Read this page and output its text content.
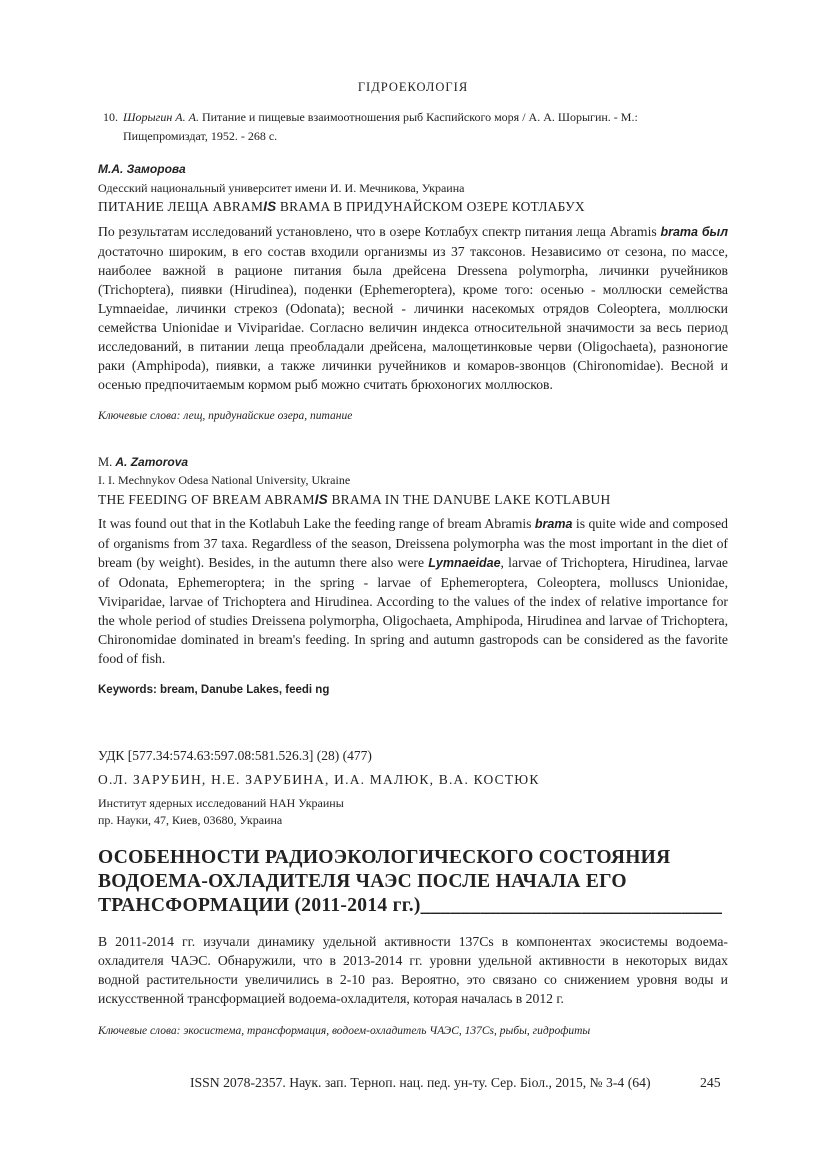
ГІДРОЕКОЛОГІЯ
10. Шорыгин А. А. Питание и пищевые взаимоотношения рыб Каспийского моря / А. А. Шорыгин. - М.:
Пищепромиздат, 1952. - 268 с.
М.А. Заморова
Одесский национальный университет имени И. И. Мечникова, Украина
ПИТАНИЕ ЛЕЩА ABRAMIS BRAMA В ПРИДУНАЙСКОМ ОЗЕРЕ КОТЛАБУХ
По результатам исследований установлено, что в озере Котлабух спектр питания леща Abramis brama был достаточно широким, в его состав входили организмы из 37 таксонов. Независимо от сезона, по массе, наиболее важной в рационе питания была дрейсена Dressena polymorpha, личинки ручейников (Trichoptera), пиявки (Hirudinea), поденки (Ephemeroptera), кроме того: осенью - моллюски семейства Lymnaeidae, личинки стрекоз (Odonata); весной - личинки насекомых отрядов Coleoptera, моллюски семейства Unionidae и Viviparidae. Согласно величин индекса относительной значимости за весь период исследований, в питании леща преобладали дрейсена, малощетинковые черви (Oligochaeta), разноногие раки (Amphipoda), пиявки, а также личинки ручейников и комаров-звонцов (Chironomidae). Весной и осенью предпочитаемым кормом рыб можно считать брюхоногих моллюсков.
Ключевые слова: лещ, придунайские озера, питание
М. A. Zamorova
I. I. Mechnykov Odesa National University, Ukraine
THE FEEDING OF BREAM ABRAMIS BRAMA IN THE DANUBE LAKE KOTLABUH
It was found out that in the Kotlabuh Lake the feeding range of bream Abramis brama is quite wide and composed of organisms from 37 taxa. Regardless of the season, Dreissena polymorpha was the most important in the diet of bream (by weight). Besides, in the autumn there also were Lymnaeidae, larvae of Trichoptera, Hirudinea, larvae of Odonata, Ephemeroptera; in the spring - larvae of Ephemeroptera, Coleoptera, molluscs Unionidae, Viviparidae, larvae of Trichoptera and Hirudinea. According to the values of the index of relative importance for the whole period of studies Dreissena polymorpha, Oligochaeta, Amphipoda, Hirudinea and larvae of Trichoptera, Chironomidae dominated in bream's feeding. In spring and autumn gastropods can be considered as the favorite food of fish.
Keywords: bream, Danube Lakes, feedi ng
УДК [577.34:574.63:597.08:581.526.3] (28) (477)
О.Л. ЗАРУБИН, Н.Е. ЗАРУБИНА, И.А. МАЛЮК, В.А. КОСТЮК
Институт ядерных исследований НАН Украины
пр. Науки, 47, Киев, 03680, Украина
ОСОБЕННОСТИ РАДИОЭКОЛОГИЧЕСКОГО СОСТОЯНИЯ
ВОДОЕМА-ОХЛАДИТЕЛЯ ЧАЭС ПОСЛЕ НАЧАЛА ЕГО
ТРАНСФОРМАЦИИ (2011-2014 гг.)______________________________
В 2011-2014 гг. изучали динамику удельной активности 137Cs в компонентах экосистемы водоема-охладителя ЧАЭС. Обнаружили, что в 2013-2014 гг. уровни удельной активности в некоторых видах водной растительности увеличились в 2-10 раз. Вероятно, это связано со снижением уровня воды и искусственной трансформацией водоема-охладителя, которая началась в 2012 г.
Ключевые слова: экосистема, трансформация, водоем-охладитель ЧАЭС, 137Cs, рыбы, гидрофиты
ISSN 2078-2357. Наук. зап. Терноп. нац. пед. ун-ту. Сер. Біол., 2015, № 3-4 (64)	245
